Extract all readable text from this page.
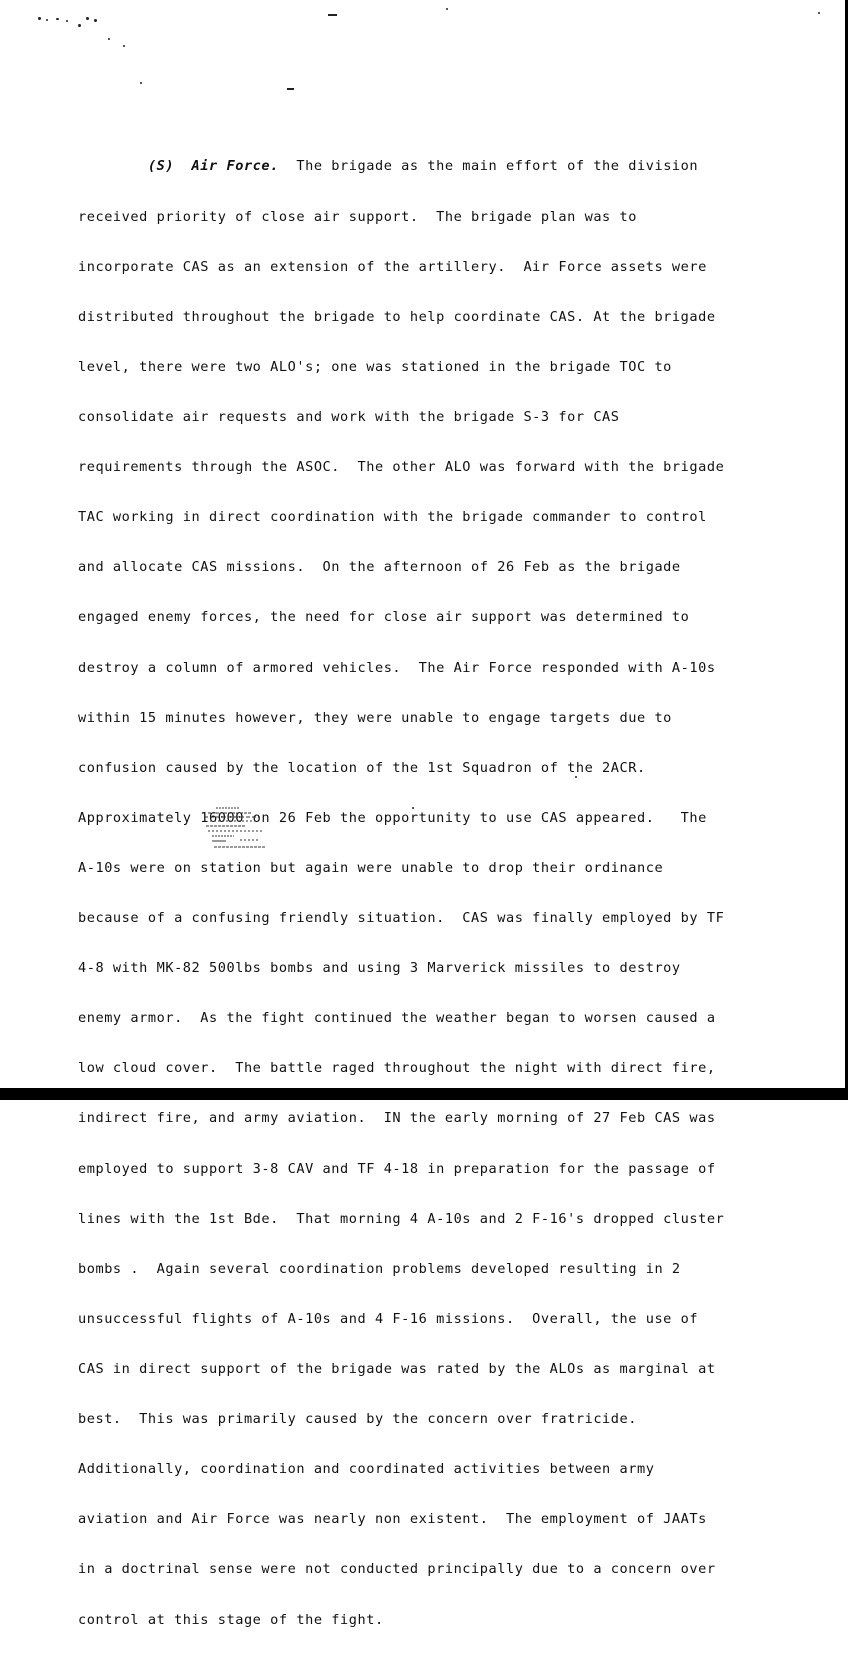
(S) Air Force. The brigade as the main effort of the division

received priority of close air support.  The brigade plan was to

incorporate CAS as an extension of the artillery.  Air Force assets were

distributed throughout the brigade to help coordinate CAS. At the brigade

level, there were two ALO's; one was stationed in the brigade TOC to

consolidate air requests and work with the brigade S-3 for CAS

requirements through the ASOC.  The other ALO was forward with the brigade

TAC working in direct coordination with the brigade commander to control

and allocate CAS missions.  On the afternoon of 26 Feb as the brigade

engaged enemy forces, the need for close air support was determined to

destroy a column of armored vehicles.  The Air Force responded with A-10s

within 15 minutes however, they were unable to engage targets due to

confusion caused by the location of the 1st Squadron of the 2ACR.

Approximately 16000 on 26 Feb the opportunity to use CAS appeared.   The

A-10s were on station but again were unable to drop their ordinance

because of a confusing friendly situation.  CAS was finally employed by TF

4-8 with MK-82 500lbs bombs and using 3 Marverick missiles to destroy

enemy armor.  As the fight continued the weather began to worsen caused a

low cloud cover.  The battle raged throughout the night with direct fire,

indirect fire, and army aviation.  IN the early morning of 27 Feb CAS was

employed to support 3-8 CAV and TF 4-18 in preparation for the passage of

lines with the 1st Bde.  That morning 4 A-10s and 2 F-16's dropped cluster

bombs .  Again several coordination problems developed resulting in 2

unsuccessful flights of A-10s and 4 F-16 missions.  Overall, the use of

CAS in direct support of the brigade was rated by the ALOs as marginal at

best.  This was primarily caused by the concern over fratricide.

Additionally, coordination and coordinated activities between army

aviation and Air Force was nearly non existent.  The employment of JAATs

in a doctrinal sense were not conducted principally due to a concern over

control at this stage of the fight.
